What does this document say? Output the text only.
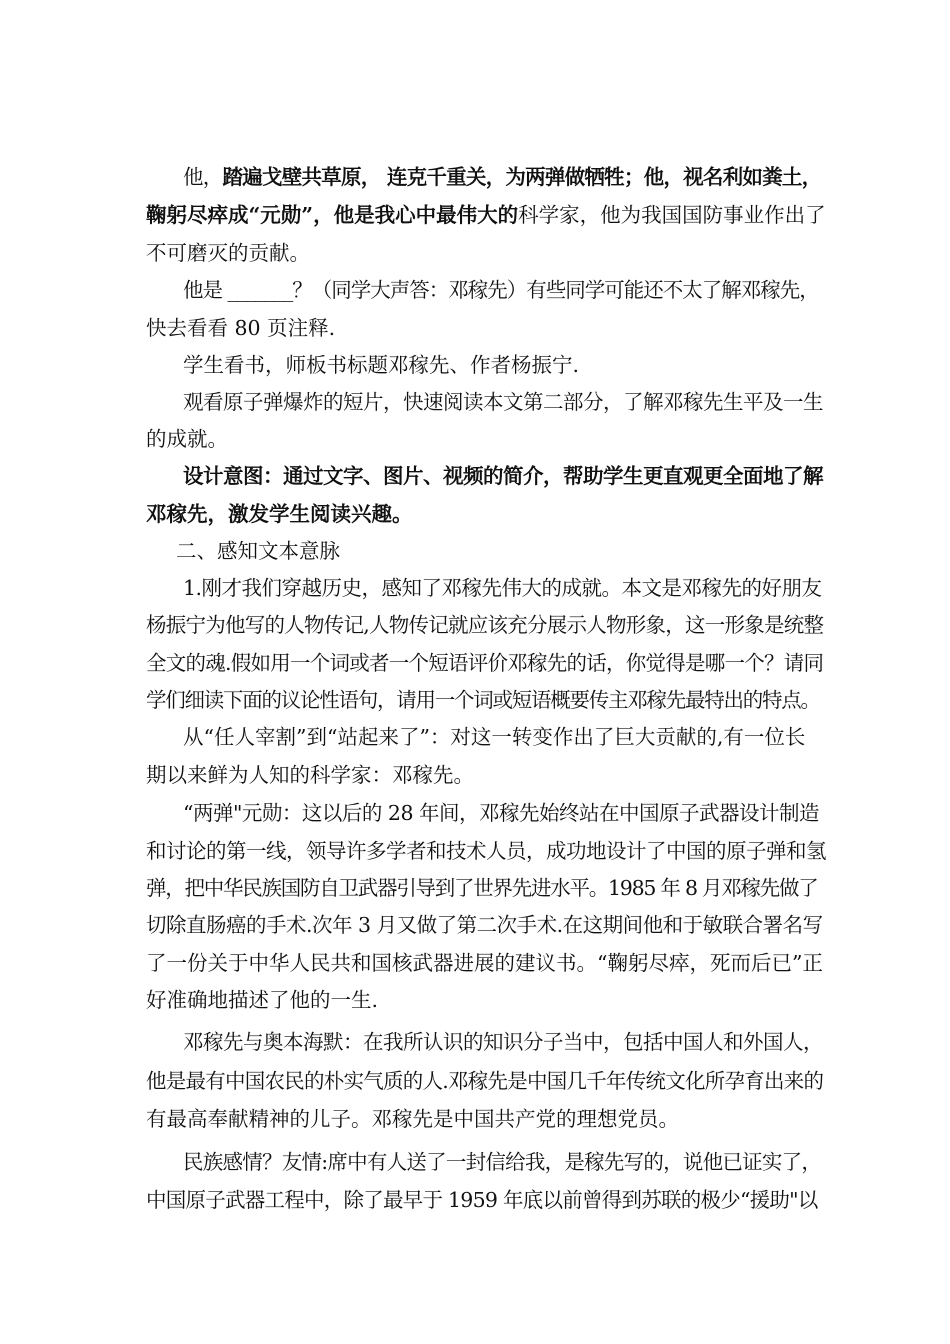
他，踏遍戈壁共草原， 连克千重关，为两弹做牺牲；他，视名利如粪土，
鞠躬尽瘁成“元勋”，他是我心中最伟大的科学家，他为我国国防事业作出了
不可磨灭的贡献。
他是 _______？（同学大声答：邓稼先）有些同学可能还不太了解邓稼先，
快去看看 80 页注释.
学生看书，师板书标题邓稼先、作者杨振宁.
观看原子弹爆炸的短片，快速阅读本文第二部分，了解邓稼先生平及一生
的成就。
设计意图：通过文字、图片、视频的简介，帮助学生更直观更全面地了解
邓稼先，激发学生阅读兴趣。
二、感知文本意脉
1.刚才我们穿越历史，感知了邓稼先伟大的成就。本文是邓稼先的好朋友
杨振宁为他写的人物传记,人物传记就应该充分展示人物形象，这一形象是统整
全文的魂.假如用一个词或者一个短语评价邓稼先的话，你觉得是哪一个？请同
学们细读下面的议论性语句，请用一个词或短语概要传主邓稼先最特出的特点。
从“任人宰割”到“站起来了”：对这一转变作出了巨大贡献的,有一位长
期以来鲜为人知的科学家：邓稼先。
“两弹"元勋：这以后的 28 年间，邓稼先始终站在中国原子武器设计制造
和讨论的第一线，领导许多学者和技术人员，成功地设计了中国的原子弹和氢
弹，把中华民族国防自卫武器引导到了世界先进水平。1985 年 8 月邓稼先做了
切除直肠癌的手术.次年 3 月又做了第二次手术.在这期间他和于敏联合署名写
了一份关于中华人民共和国核武器进展的建议书。“鞠躬尽瘁，死而后已”正
好准确地描述了他的一生.
邓稼先与奥本海默：在我所认识的知识分子当中，包括中国人和外国人，
他是最有中国农民的朴实气质的人.邓稼先是中国几千年传统文化所孕育出来的
有最高奉献精神的儿子。邓稼先是中国共产党的理想党员。
民族感情？友情:席中有人送了一封信给我，是稼先写的，说他已证实了，
中国原子武器工程中，除了最早于 1959 年底以前曾得到苏联的极少“援助"以
